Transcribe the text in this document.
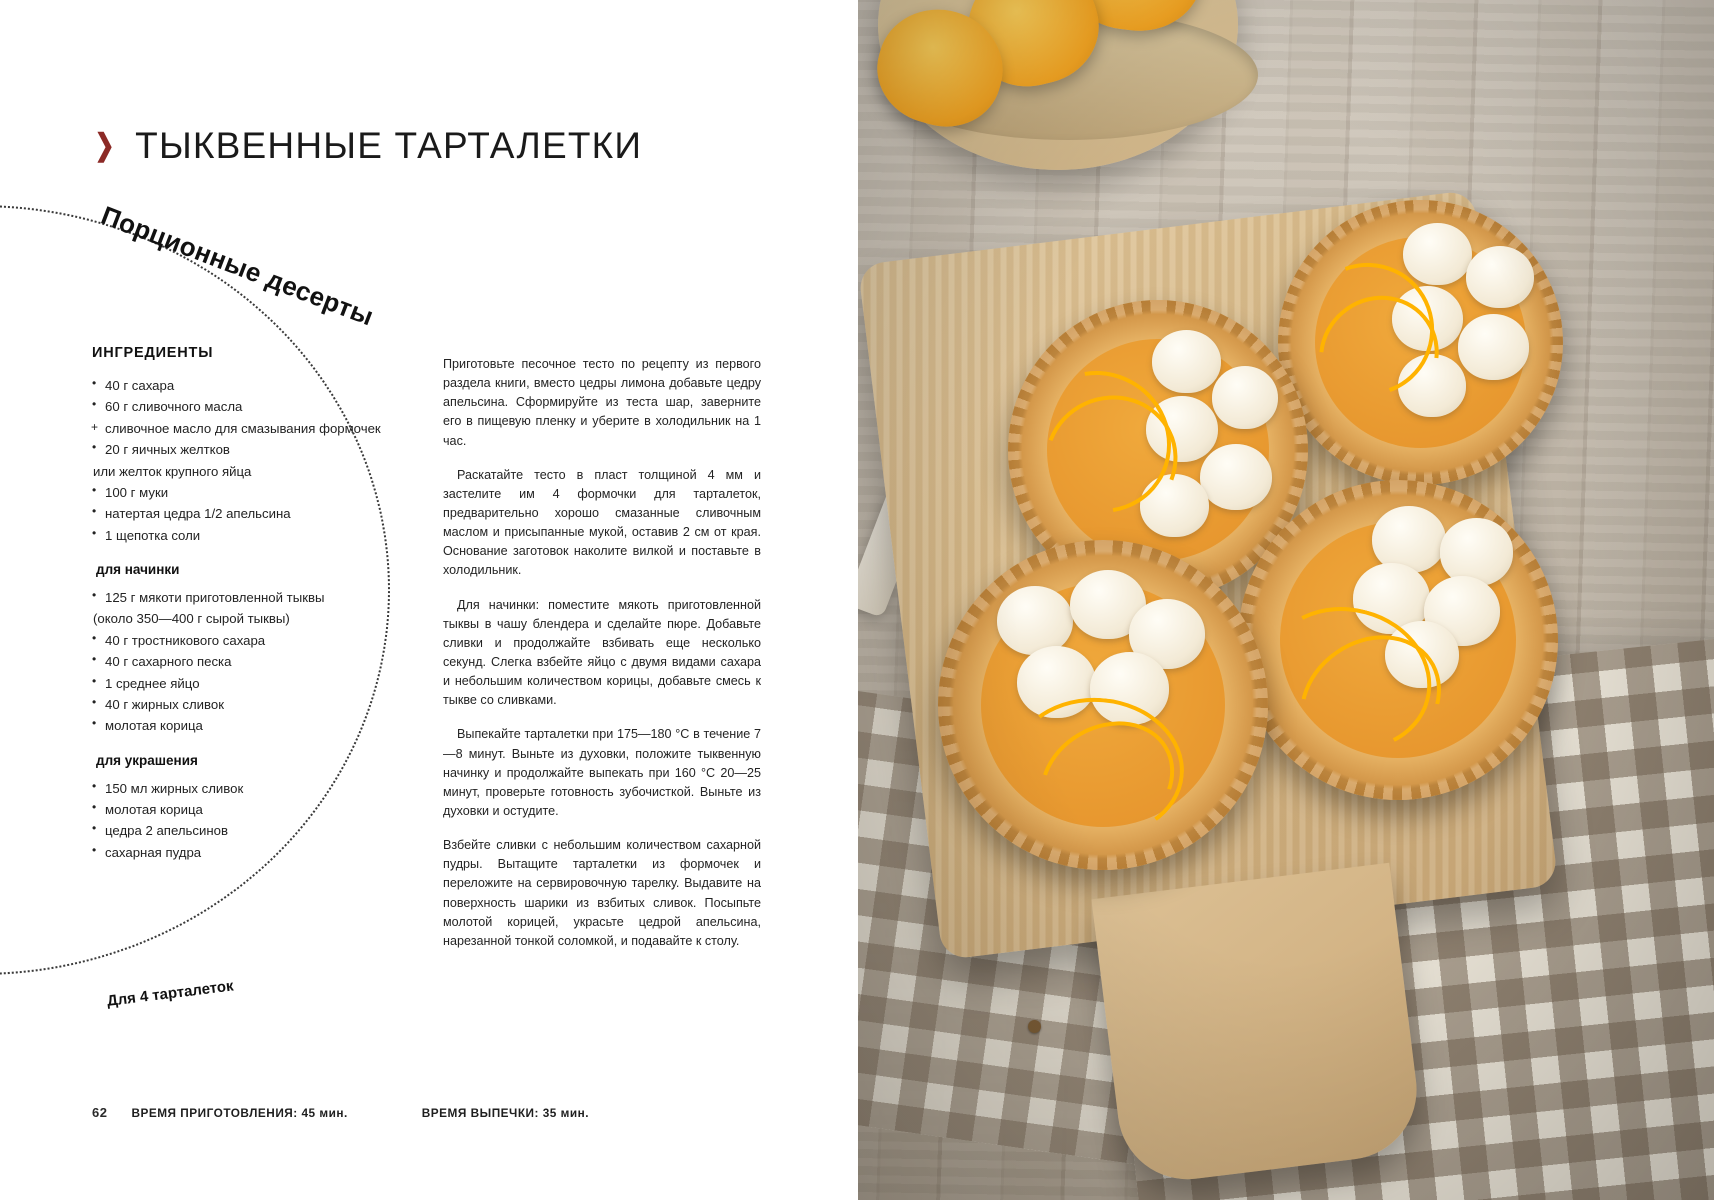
❯ ТЫКВЕННЫЕ ТАРТАЛЕТКИ
Порционные десерты
ИНГРЕДИЕНТЫ
• 40 г сахара
• 60 г сливочного масла
+ сливочное масло для смазывания формочек
• 20 г яичных желтков
или желток крупного яйца
• 100 г муки
• натертая цедра 1/2 апельсина
• 1 щепотка соли
для начинки
• 125 г мякоти приготовленной тыквы
(около 350—400 г сырой тыквы)
• 40 г тростникового сахара
• 40 г сахарного песка
• 1 среднее яйцо
• 40 г жирных сливок
• молотая корица
для украшения
• 150 мл жирных сливок
• молотая корица
• цедра 2 апельсинов
• сахарная пудра

Приготовьте песочное тесто по рецепту из первого раздела книги, вместо цедры лимона добавьте цедру апельсина. Сформируйте из теста шар, заверните его в пищевую пленку и уберите в холодильник на 1 час.

Раскатайте тесто в пласт толщиной 4 мм и застелите им 4 формочки для тарталеток, предварительно хорошо смазанные сливочным маслом и присыпанные мукой, оставив 2 см от края. Основание заготовок наколите вилкой и поставьте в холодильник.

Для начинки: поместите мякоть приготовленной тыквы в чашу блендера и сделайте пюре. Добавьте сливки и продолжайте взбивать еще несколько секунд. Слегка взбейте яйцо с двумя видами сахара и небольшим количеством корицы, добавьте смесь к тыкве со сливками.

Выпекайте тарталетки при 175—180 °C в течение 7—8 минут. Выньте из духовки, положите тыквенную начинку и продолжайте выпекать при 160 °C 20—25 минут, проверьте готовность зубочисткой. Выньте из духовки и остудите.

Взбейте сливки с небольшим количеством сахарной пудры. Вытащите тарталетки из формочек и переложите на сервировочную тарелку. Выдавите на поверхность шарики из взбитых сливок. Посыпьте молотой корицей, украсьте цедрой апельсина, нарезанной тонкой соломкой, и подавайте к столу.

Для 4 тарталеток
62 ВРЕМЯ ПРИГОТОВЛЕНИЯ: 45 мин.	ВРЕМЯ ВЫПЕЧКИ: 35 мин.
